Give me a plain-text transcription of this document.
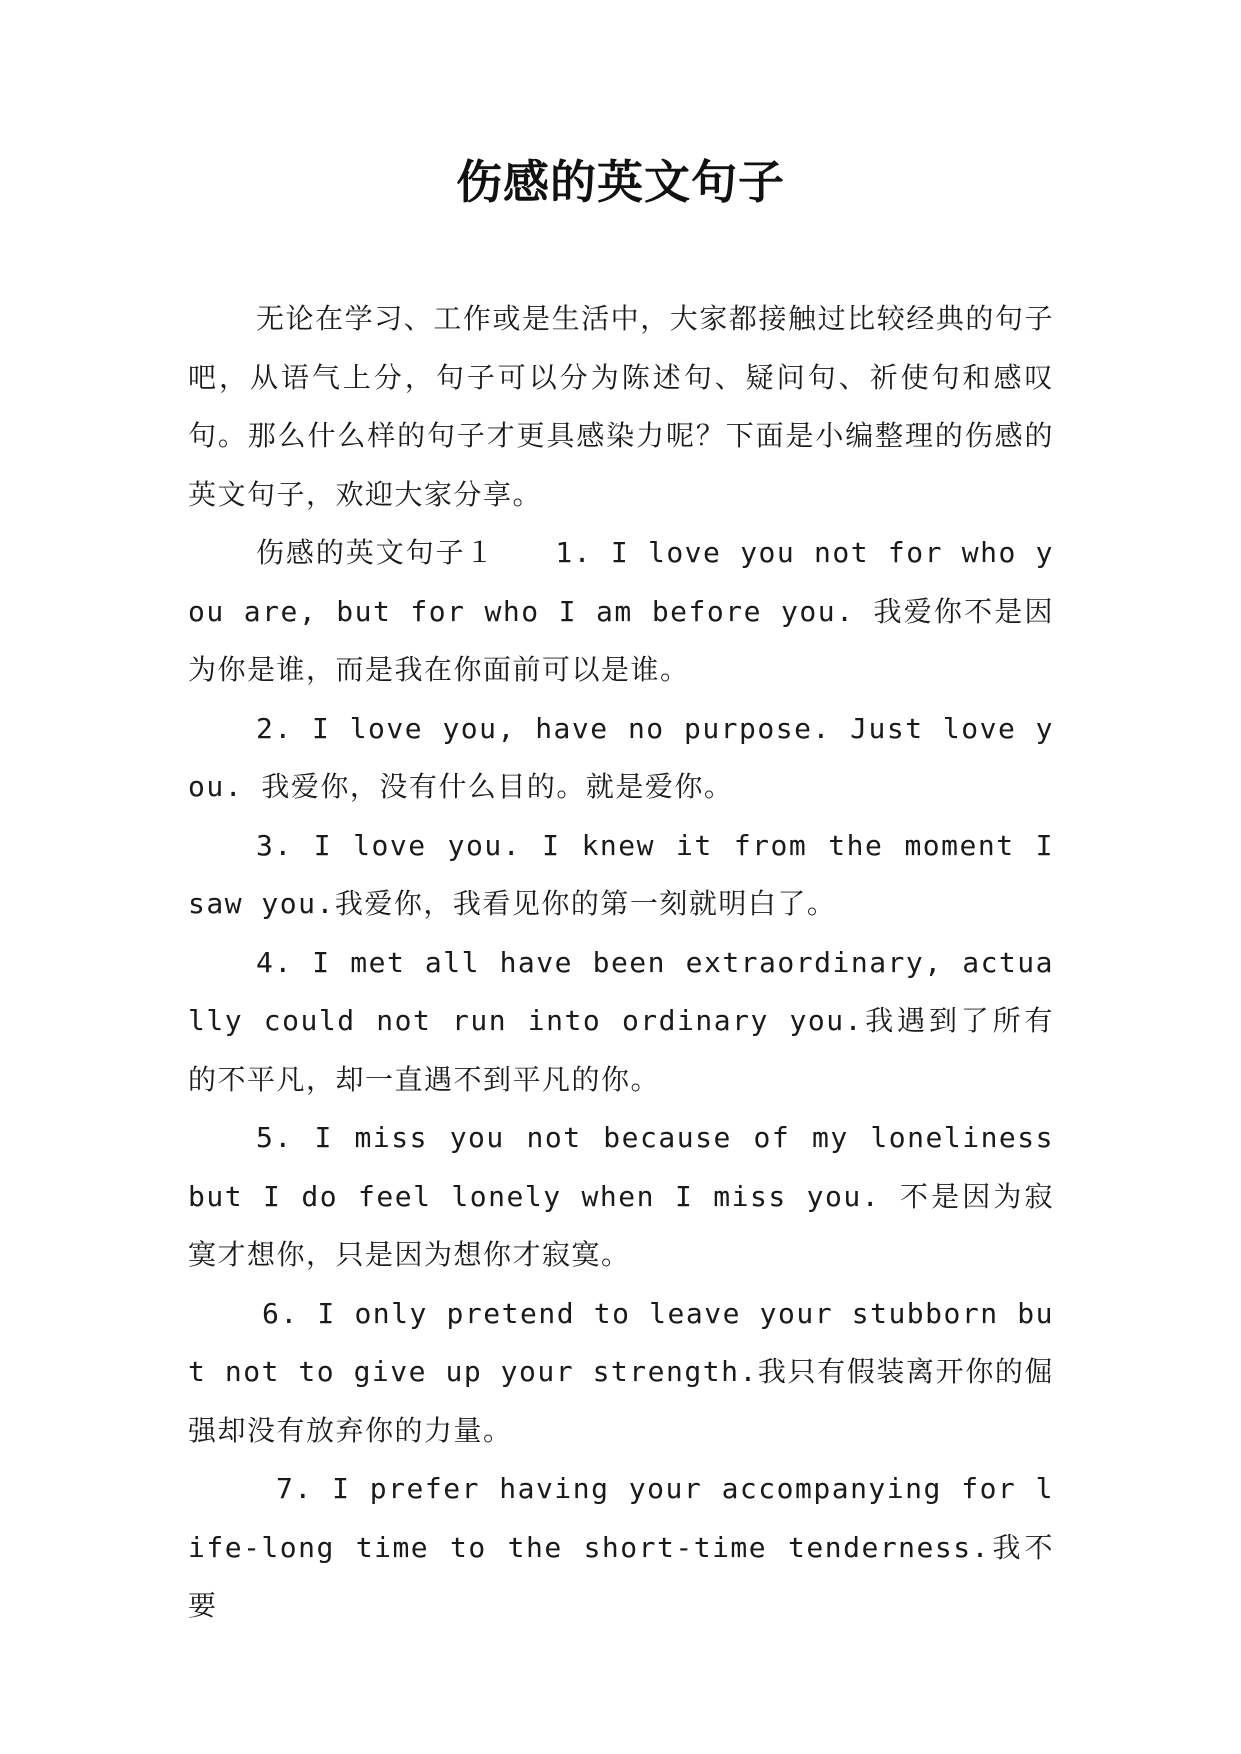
伤感的英文句子

无论在学习、工作或是生活中，大家都接触过比较经典的句子吧，从语气上分，句子可以分为陈述句、疑问句、祈使句和感叹句。那么什么样的句子才更具感染力呢？下面是小编整理的伤感的英文句子，欢迎大家分享。

伤感的英文句子１　　1. I love you not for who you are, but for who I am before you. 我爱你不是因为你是谁，而是我在你面前可以是谁。

2. I love you, have no purpose. Just love you. 我爱你，没有什么目的。就是爱你。

3. I love you. I knew it from the moment I saw you.我爱你，我看见你的第一刻就明白了。

4. I met all have been extraordinary, actually could not run into ordinary you.我遇到了所有的不平凡，却一直遇不到平凡的你。

5. I miss you not because of my loneliness but I do feel lonely when I miss you. 不是因为寂寞才想你，只是因为想你才寂寞。

6. I only pretend to leave your stubborn but not to give up your strength.我只有假装离开你的倔强却没有放弃你的力量。

7. I prefer having your accompanying for life-long time to the short-time tenderness.我不要
